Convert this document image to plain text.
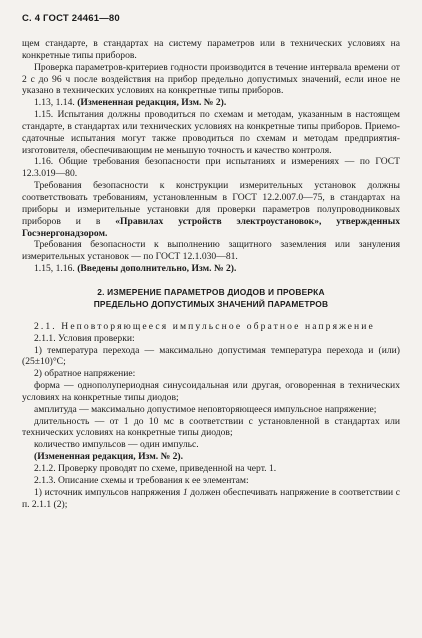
С. 4 ГОСТ 24461—80

щем стандарте, в стандартах на систему параметров или в технических условиях на конкретные типы приборов.

Проверка параметров-критериев годности производится в течение интервала времени от 2 с до 96 ч после воздействия на прибор предельно допустимых значений, если иное не указано в технических условиях на конкретные типы приборов.

1.13, 1.14. (Измененная редакция, Изм. № 2).

1.15. Испытания должны проводиться по схемам и методам, указанным в настоящем стандарте, в стандартах или технических условиях на конкретные типы приборов. Приемо-сдаточные испытания могут также проводиться по схемам и методам предприятия-изготовителя, обеспечивающим не меньшую точность и качество контроля.

1.16. Общие требования безопасности при испытаниях и измерениях — по ГОСТ 12.3.019—80.

Требования безопасности к конструкции измерительных установок должны соответствовать требованиям, установленным в ГОСТ 12.2.007.0—75, в стандартах на приборы и измерительные установки для проверки параметров полупроводниковых приборов и в «Правилах устройств электроустановок», утвержденных Госэнергонадзором.

Требования безопасности к выполнению защитного заземления или зануления измерительных установок — по ГОСТ 12.1.030—81.

1.15, 1.16. (Введены дополнительно, Изм. № 2).

2. ИЗМЕРЕНИЕ ПАРАМЕТРОВ ДИОДОВ И ПРОВЕРКА
ПРЕДЕЛЬНО ДОПУСТИМЫХ ЗНАЧЕНИЙ ПАРАМЕТРОВ

2.1. Неповторяющееся импульсное обратное напряжение

2.1.1. Условия проверки:

1) температура перехода — максимально допустимая температура перехода и (или) (25±10)°С;

2) обратное напряжение:

форма — однополупериодная синусоидальная или другая, оговоренная в технических условиях на конкретные типы диодов;

амплитуда — максимально допустимое неповторяющееся импульсное напряжение;

длительность — от 1 до 10 мс в соответствии с установленной в стандартах или технических условиях на конкретные типы диодов;

количество импульсов — один импульс.

(Измененная редакция, Изм. № 2).

2.1.2. Проверку проводят по схеме, приведенной на черт. 1.

2.1.3. Описание схемы и требования к ее элементам:

1) источник импульсов напряжения 1 должен обеспечивать напряжение в соответствии с п. 2.1.1 (2);
